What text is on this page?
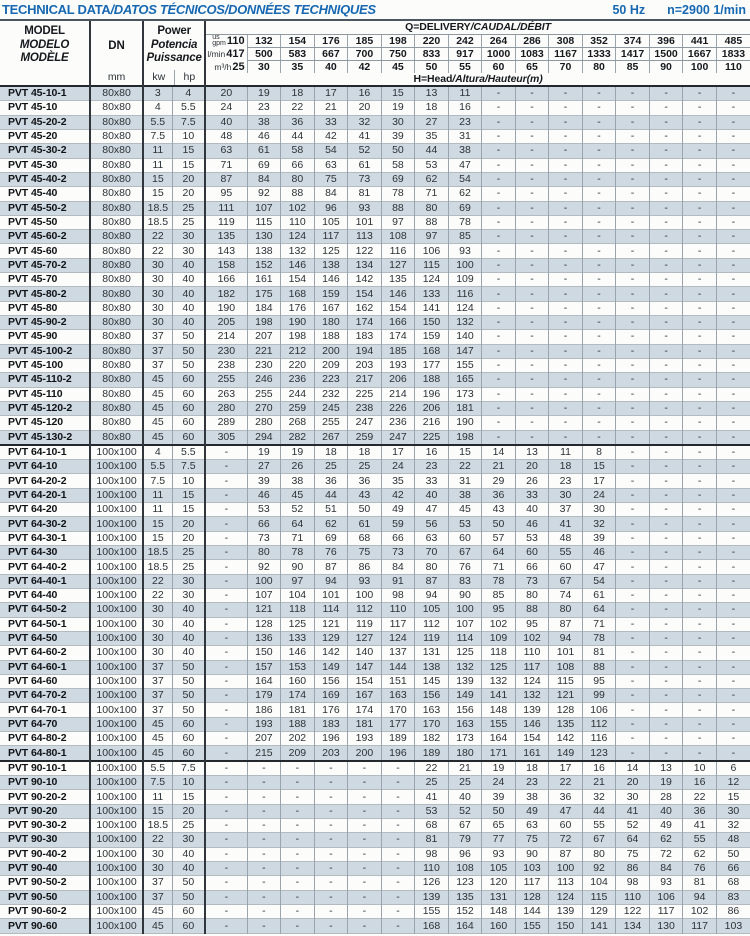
TECHNICAL DATA/DATOS TÉCNICOS/DONNÉES TECHNIQUES	50 Hz n=2900 1/min
MODEL
MODELO
MODÈLE

DN
mm

Power
Potencia
Puissance
kw	hp
	Q=DELIVERY/CAUDAL/DÉBIT

				us
gpm 110	132	154	176	185	198	220	242	264	286	308	352	374	396	441	485

				l/min 417	500	583	667	700	750	833	917	1000	1083	1167	1333	1417	1500	1667	1833

				m³/h 25	30	35	40	42	45	50	55	60	65	70	80	85	90	100	110
				H=Head/Altura/Hauteur(m)															
PVT 45-10-1	80x80	3	4	20	19	18	17	16	15	13	11	-	-	-	-	-	-	-	-
PVT 45-10	80x80	4	5.5	24	23	22	21	20	19	18	16	-	-	-	-	-	-	-	-
PVT 45-20-2	80x80	5.5	7.5	40	38	36	33	32	30	27	23	-	-	-	-	-	-	-	-
PVT 45-20	80x80	7.5	10	48	46	44	42	41	39	35	31	-	-	-	-	-	-	-	-
PVT 45-30-2	80x80	11	15	63	61	58	54	52	50	44	38	-	-	-	-	-	-	-	-
PVT 45-30	80x80	11	15	71	69	66	63	61	58	53	47	-	-	-	-	-	-	-	-
PVT 45-40-2	80x80	15	20	87	84	80	75	73	69	62	54	-	-	-	-	-	-	-	-
PVT 45-40	80x80	15	20	95	92	88	84	81	78	71	62	-	-	-	-	-	-	-	-
PVT 45-50-2	80x80	18.5	25	111	107	102	96	93	88	80	69	-	-	-	-	-	-	-	-
PVT 45-50	80x80	18.5	25	119	115	110	105	101	97	88	78	-	-	-	-	-	-	-	-
PVT 45-60-2	80x80	22	30	135	130	124	117	113	108	97	85	-	-	-	-	-	-	-	-
PVT 45-60	80x80	22	30	143	138	132	125	122	116	106	93	-	-	-	-	-	-	-	-
PVT 45-70-2	80x80	30	40	158	152	146	138	134	127	115	100	-	-	-	-	-	-	-	-
PVT 45-70	80x80	30	40	166	161	154	146	142	135	124	109	-	-	-	-	-	-	-	-
PVT 45-80-2	80x80	30	40	182	175	168	159	154	146	133	116	-	-	-	-	-	-	-	-
PVT 45-80	80x80	30	40	190	184	176	167	162	154	141	124	-	-	-	-	-	-	-	-
PVT 45-90-2	80x80	30	40	205	198	190	180	174	166	150	132	-	-	-	-	-	-	-	-
PVT 45-90	80x80	37	50	214	207	198	188	183	174	159	140	-	-	-	-	-	-	-	-
PVT 45-100-2	80x80	37	50	230	221	212	200	194	185	168	147	-	-	-	-	-	-	-	-
PVT 45-100	80x80	37	50	238	230	220	209	203	193	177	155	-	-	-	-	-	-	-	-
PVT 45-110-2	80x80	45	60	255	246	236	223	217	206	188	165	-	-	-	-	-	-	-	-
PVT 45-110	80x80	45	60	263	255	244	232	225	214	196	173	-	-	-	-	-	-	-	-
PVT 45-120-2	80x80	45	60	280	270	259	245	238	226	206	181	-	-	-	-	-	-	-	-
PVT 45-120	80x80	45	60	289	280	268	255	247	236	216	190	-	-	-	-	-	-	-	-
PVT 45-130-2	80x80	45	60	305	294	282	267	259	247	225	198	-	-	-	-	-	-	-	-
PVT 64-10-1	100x100	4	5.5	-	19	19	18	18	17	16	15	14	13	11	8	-	-	-	-
PVT 64-10	100x100	5.5	7.5	-	27	26	25	25	24	23	22	21	20	18	15	-	-	-	-
PVT 64-20-2	100x100	7.5	10	-	39	38	36	36	35	33	31	29	26	23	17	-	-	-	-
PVT 64-20-1	100x100	11	15	-	46	45	44	43	42	40	38	36	33	30	24	-	-	-	-
PVT 64-20	100x100	11	15	-	53	52	51	50	49	47	45	43	40	37	30	-	-	-	-
PVT 64-30-2	100x100	15	20	-	66	64	62	61	59	56	53	50	46	41	32	-	-	-	-
PVT 64-30-1	100x100	15	20	-	73	71	69	68	66	63	60	57	53	48	39	-	-	-	-
PVT 64-30	100x100	18.5	25	-	80	78	76	75	73	70	67	64	60	55	46	-	-	-	-
PVT 64-40-2	100x100	18.5	25	-	92	90	87	86	84	80	76	71	66	60	47	-	-	-	-
PVT 64-40-1	100x100	22	30	-	100	97	94	93	91	87	83	78	73	67	54	-	-	-	-
PVT 64-40	100x100	22	30	-	107	104	101	100	98	94	90	85	80	74	61	-	-	-	-
PVT 64-50-2	100x100	30	40	-	121	118	114	112	110	105	100	95	88	80	64	-	-	-	-
PVT 64-50-1	100x100	30	40	-	128	125	121	119	117	112	107	102	95	87	71	-	-	-	-
PVT 64-50	100x100	30	40	-	136	133	129	127	124	119	114	109	102	94	78	-	-	-	-
PVT 64-60-2	100x100	30	40	-	150	146	142	140	137	131	125	118	110	101	81	-	-	-	-
PVT 64-60-1	100x100	37	50	-	157	153	149	147	144	138	132	125	117	108	88	-	-	-	-
PVT 64-60	100x100	37	50	-	164	160	156	154	151	145	139	132	124	115	95	-	-	-	-
PVT 64-70-2	100x100	37	50	-	179	174	169	167	163	156	149	141	132	121	99	-	-	-	-
PVT 64-70-1	100x100	37	50	-	186	181	176	174	170	163	156	148	139	128	106	-	-	-	-
PVT 64-70	100x100	45	60	-	193	188	183	181	177	170	163	155	146	135	112	-	-	-	-
PVT 64-80-2	100x100	45	60	-	207	202	196	193	189	182	173	164	154	142	116	-	-	-	-
PVT 64-80-1	100x100	45	60	-	215	209	203	200	196	189	180	171	161	149	123	-	-	-	-
PVT 90-10-1	100x100	5.5	7.5	-	-	-	-	-	-	22	21	19	18	17	16	14	13	10	6
PVT 90-10	100x100	7.5	10	-	-	-	-	-	-	25	25	24	23	22	21	20	19	16	12
PVT 90-20-2	100x100	11	15	-	-	-	-	-	-	41	40	39	38	36	32	30	28	22	15
PVT 90-20	100x100	15	20	-	-	-	-	-	-	53	52	50	49	47	44	41	40	36	30
PVT 90-30-2	100x100	18.5	25	-	-	-	-	-	-	68	67	65	63	60	55	52	49	41	32
PVT 90-30	100x100	22	30	-	-	-	-	-	-	81	79	77	75	72	67	64	62	55	48
PVT 90-40-2	100x100	30	40	-	-	-	-	-	-	98	96	93	90	87	80	75	72	62	50
PVT 90-40	100x100	30	40	-	-	-	-	-	-	110	108	105	103	100	92	86	84	76	66
PVT 90-50-2	100x100	37	50	-	-	-	-	-	-	126	123	120	117	113	104	98	93	81	68
PVT 90-50	100x100	37	50	-	-	-	-	-	-	139	135	131	128	124	115	110	106	94	83
PVT 90-60-2	100x100	45	60	-	-	-	-	-	-	155	152	148	144	139	129	122	117	102	86
PVT 90-60	100x100	45	60	-	-	-	-	-	-	168	164	160	155	150	141	134	130	117	103
